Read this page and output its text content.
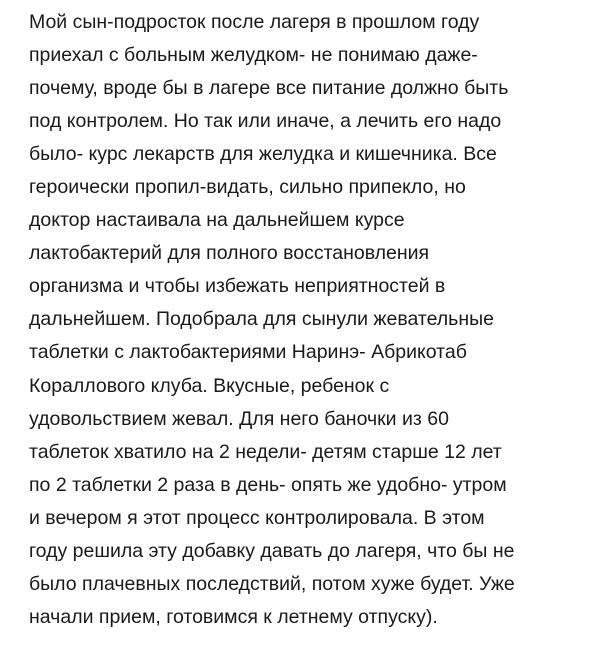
Мой сын-подросток после лагеря в прошлом году
приехал с больным желудком- не понимаю даже-
почему, вроде бы в лагере все питание должно быть
под контролем. Но так или иначе, а лечить его надо
было- курс лекарств для желудка и кишечника. Все
героически пропил-видать, сильно припекло, но
доктор настаивала на дальнейшем курсе
лактобактерий для полного восстановления
организма и чтобы избежать неприятностей в
дальнейшем. Подобрала для сынули жевательные
таблетки с лактобактериями Наринэ- Абрикотаб
Кораллового клуба. Вкусные, ребенок с
удовольствием жевал. Для него баночки из 60
таблеток хватило на 2 недели- детям старше 12 лет
по 2 таблетки 2 раза в день- опять же удобно- утром
и вечером я этот процесс контролировала. В этом
году решила эту добавку давать до лагеря, что бы не
было плачевных последствий, потом хуже будет. Уже
начали прием, готовимся к летнему отпуску).
